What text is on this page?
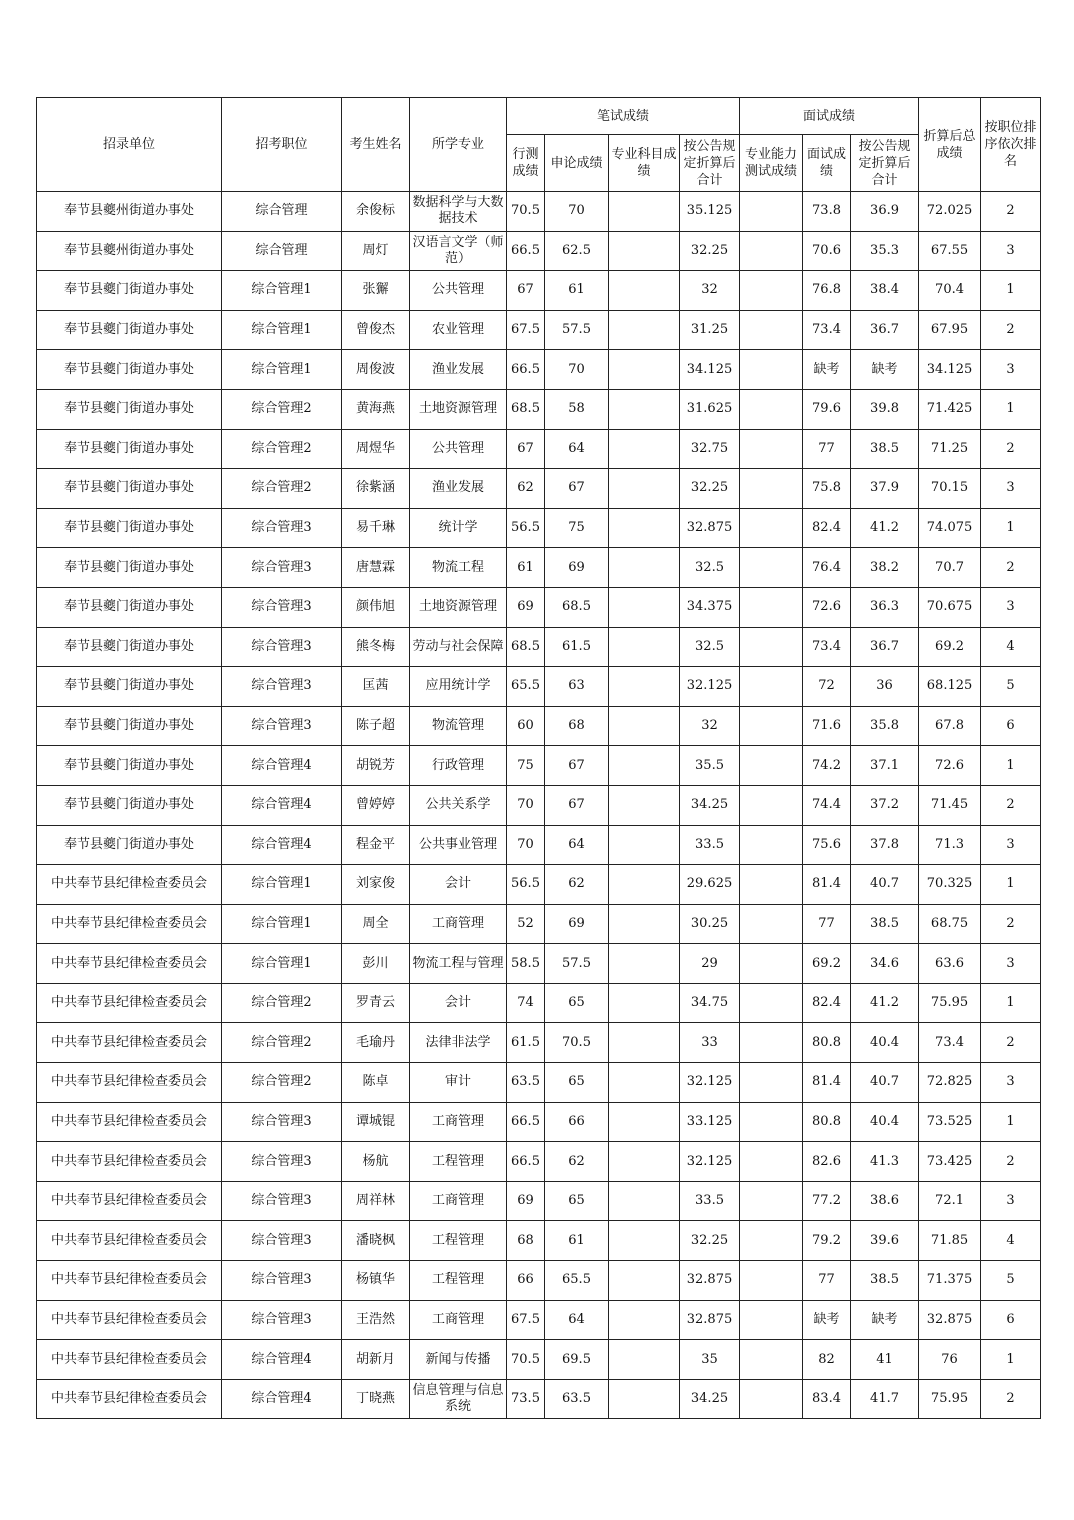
招录单位	招考职位	考生姓名	所学专业	笔试成绩				面试成绩			折算后总成绩	按职位排序依次排名
				行测成绩	申论成绩	专业科目成绩	按公告规定折算后合计	专业能力测试成绩	面试成绩	按公告规定折算后合计		
奉节县夔州街道办事处	综合管理	余俊标	数据科学与大数据技术	70.5	70		35.125		73.8	36.9	72.025	2
奉节县夔州街道办事处	综合管理	周灯	汉语言文学（师范）	66.5	62.5		32.25		70.6	35.3	67.55	3
奉节县夔门街道办事处	综合管理1	张獬	公共管理	67	61		32		76.8	38.4	70.4	1
奉节县夔门街道办事处	综合管理1	曾俊杰	农业管理	67.5	57.5		31.25		73.4	36.7	67.95	2
奉节县夔门街道办事处	综合管理1	周俊波	渔业发展	66.5	70		34.125		缺考	缺考	34.125	3
奉节县夔门街道办事处	综合管理2	黄海燕	土地资源管理	68.5	58		31.625		79.6	39.8	71.425	1
奉节县夔门街道办事处	综合管理2	周煜华	公共管理	67	64		32.75		77	38.5	71.25	2
奉节县夔门街道办事处	综合管理2	徐紫涵	渔业发展	62	67		32.25		75.8	37.9	70.15	3
奉节县夔门街道办事处	综合管理3	易千琳	统计学	56.5	75		32.875		82.4	41.2	74.075	1
奉节县夔门街道办事处	综合管理3	唐慧霖	物流工程	61	69		32.5		76.4	38.2	70.7	2
奉节县夔门街道办事处	综合管理3	颜伟旭	土地资源管理	69	68.5		34.375		72.6	36.3	70.675	3
奉节县夔门街道办事处	综合管理3	熊冬梅	劳动与社会保障	68.5	61.5		32.5		73.4	36.7	69.2	4
奉节县夔门街道办事处	综合管理3	匡茜	应用统计学	65.5	63		32.125		72	36	68.125	5
奉节县夔门街道办事处	综合管理3	陈子超	物流管理	60	68		32		71.6	35.8	67.8	6
奉节县夔门街道办事处	综合管理4	胡锐芳	行政管理	75	67		35.5		74.2	37.1	72.6	1
奉节县夔门街道办事处	综合管理4	曾婷婷	公共关系学	70	67		34.25		74.4	37.2	71.45	2
奉节县夔门街道办事处	综合管理4	程金平	公共事业管理	70	64		33.5		75.6	37.8	71.3	3
中共奉节县纪律检查委员会	综合管理1	刘家俊	会计	56.5	62		29.625		81.4	40.7	70.325	1
中共奉节县纪律检查委员会	综合管理1	周全	工商管理	52	69		30.25		77	38.5	68.75	2
中共奉节县纪律检查委员会	综合管理1	彭川	物流工程与管理	58.5	57.5		29		69.2	34.6	63.6	3
中共奉节县纪律检查委员会	综合管理2	罗青云	会计	74	65		34.75		82.4	41.2	75.95	1
中共奉节县纪律检查委员会	综合管理2	毛瑜丹	法律非法学	61.5	70.5		33		80.8	40.4	73.4	2
中共奉节县纪律检查委员会	综合管理2	陈卓	审计	63.5	65		32.125		81.4	40.7	72.825	3
中共奉节县纪律检查委员会	综合管理3	谭城锟	工商管理	66.5	66		33.125		80.8	40.4	73.525	1
中共奉节县纪律检查委员会	综合管理3	杨航	工程管理	66.5	62		32.125		82.6	41.3	73.425	2
中共奉节县纪律检查委员会	综合管理3	周祥林	工商管理	69	65		33.5		77.2	38.6	72.1	3
中共奉节县纪律检查委员会	综合管理3	潘晓枫	工程管理	68	61		32.25		79.2	39.6	71.85	4
中共奉节县纪律检查委员会	综合管理3	杨镇华	工程管理	66	65.5		32.875		77	38.5	71.375	5
中共奉节县纪律检查委员会	综合管理3	王浩然	工商管理	67.5	64		32.875		缺考	缺考	32.875	6
中共奉节县纪律检查委员会	综合管理4	胡新月	新闻与传播	70.5	69.5		35		82	41	76	1
中共奉节县纪律检查委员会	综合管理4	丁晓燕	信息管理与信息系统	73.5	63.5		34.25		83.4	41.7	75.95	2
